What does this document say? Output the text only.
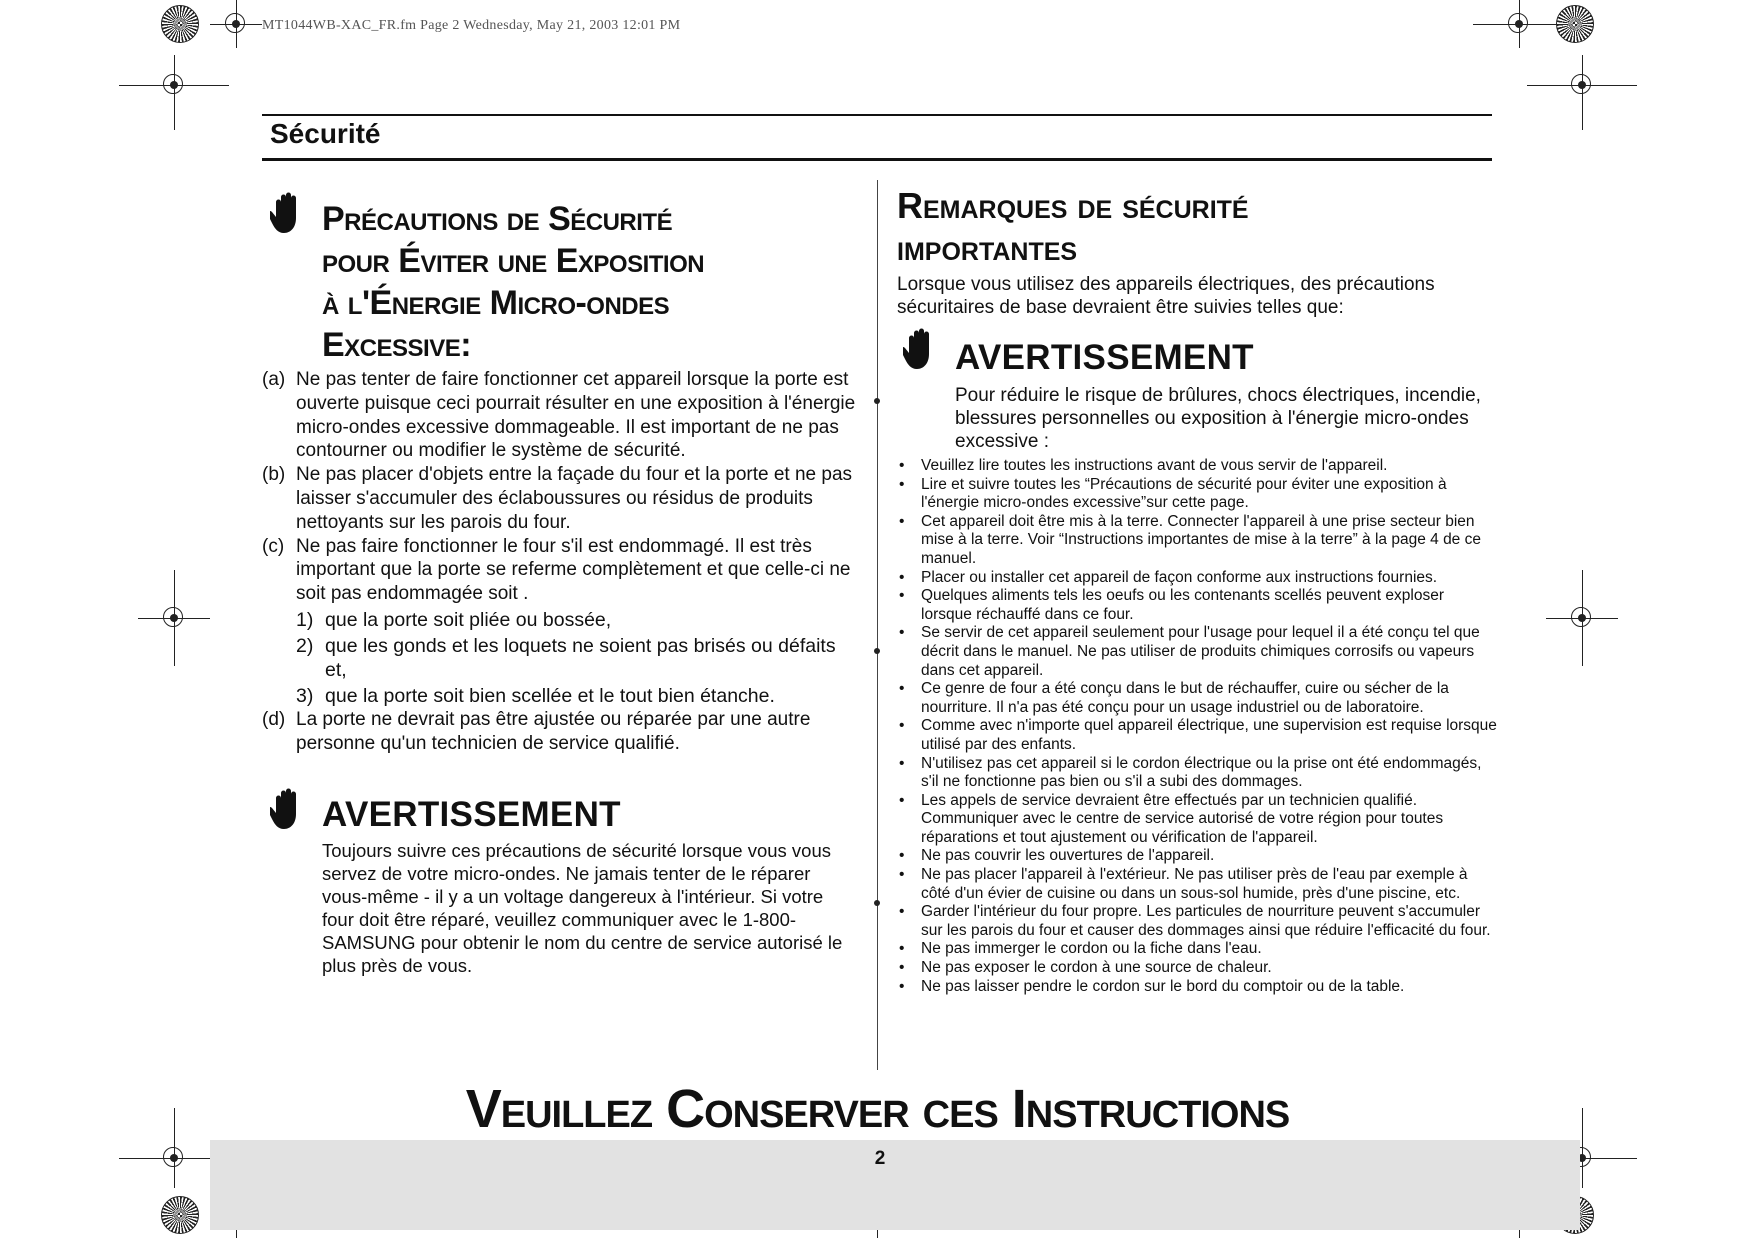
MT1044WB-XAC_FR.fm Page 2 Wednesday, May 21, 2003 12:01 PM
Sécurité
Précautions de Sécurité
pour Éviter une Exposition
à l'Énergie Micro-ondes
Excessive:
(a) Ne pas tenter de faire fonctionner cet appareil lorsque la porte est ouverte puisque ceci pourrait résulter en une exposition à l'énergie micro-ondes excessive dommageable. Il est important de ne pas contourner ou modifier le système de sécurité.
(b) Ne pas placer d'objets entre la façade du four et la porte et ne pas laisser s'accumuler des éclaboussures ou résidus de produits nettoyants sur les parois du four.
(c) Ne pas faire fonctionner le four s'il est endommagé. Il est très important que la porte se referme complètement et que celle-ci ne soit pas endommagée soit .
1) que la porte soit pliée ou bossée,
2) que les gonds et les loquets ne soient pas brisés ou défaits et,
3) que la porte soit bien scellée et le tout bien étanche.
(d) La porte ne devrait pas être ajustée ou réparée par une autre personne qu'un technicien de service qualifié.
AVERTISSEMENT
Toujours suivre ces précautions de sécurité lorsque vous vous servez de votre micro-ondes. Ne jamais tenter de le réparer vous-même - il y a un voltage dangereux à l'intérieur. Si votre four doit être réparé, veuillez communiquer avec le 1-800-SAMSUNG pour obtenir le nom du centre de service autorisé le plus près de vous.
Remarques de sécurité
importantes
Lorsque vous utilisez des appareils électriques, des précautions sécuritaires de base devraient être suivies telles que:
AVERTISSEMENT
Pour réduire le risque de brûlures, chocs électriques, incendie, blessures personnelles ou exposition à l'énergie micro-ondes excessive :
• Veuillez lire toutes les instructions avant de vous servir de l'appareil.
• Lire et suivre toutes les “Précautions de sécurité pour éviter une exposition à l'énergie micro-ondes excessive”sur cette page.
• Cet appareil doit être mis à la terre. Connecter l'appareil à une prise secteur bien mise à la terre. Voir “Instructions importantes de mise à la terre” à la page 4 de ce manuel.
• Placer ou installer cet appareil de façon conforme aux instructions fournies.
• Quelques aliments tels les oeufs ou les contenants scellés peuvent exploser lorsque réchauffé dans ce four.
• Se servir de cet appareil seulement pour l'usage pour lequel il a été conçu tel que décrit dans le manuel. Ne pas utiliser de produits chimiques corrosifs ou vapeurs dans cet appareil.
• Ce genre de four a été conçu dans le but de réchauffer, cuire ou sécher de la nourriture. Il n'a pas été conçu pour un usage industriel ou de laboratoire.
• Comme avec n'importe quel appareil électrique, une supervision est requise lorsque utilisé par des enfants.
• N'utilisez pas cet appareil si le cordon électrique ou la prise ont été endommagés, s'il ne fonctionne pas bien ou s'il a subi des dommages.
• Les appels de service devraient être effectués par un technicien qualifié. Communiquer avec le centre de service autorisé de votre région pour toutes réparations et tout ajustement ou vérification de l'appareil.
• Ne pas couvrir les ouvertures de l'appareil.
• Ne pas placer l'appareil à l'extérieur. Ne pas utiliser près de l'eau par exemple à côté d'un évier de cuisine ou dans un sous-sol humide, près d'une piscine, etc.
• Garder l'intérieur du four propre. Les particules de nourriture peuvent s'accumuler sur les parois du four et causer des dommages ainsi que réduire l'efficacité du four.
• Ne pas immerger le cordon ou la fiche dans l'eau.
• Ne pas exposer le cordon à une source de chaleur.
• Ne pas laisser pendre le cordon sur le bord du comptoir ou de la table.
Veuillez Conserver ces Instructions
2
